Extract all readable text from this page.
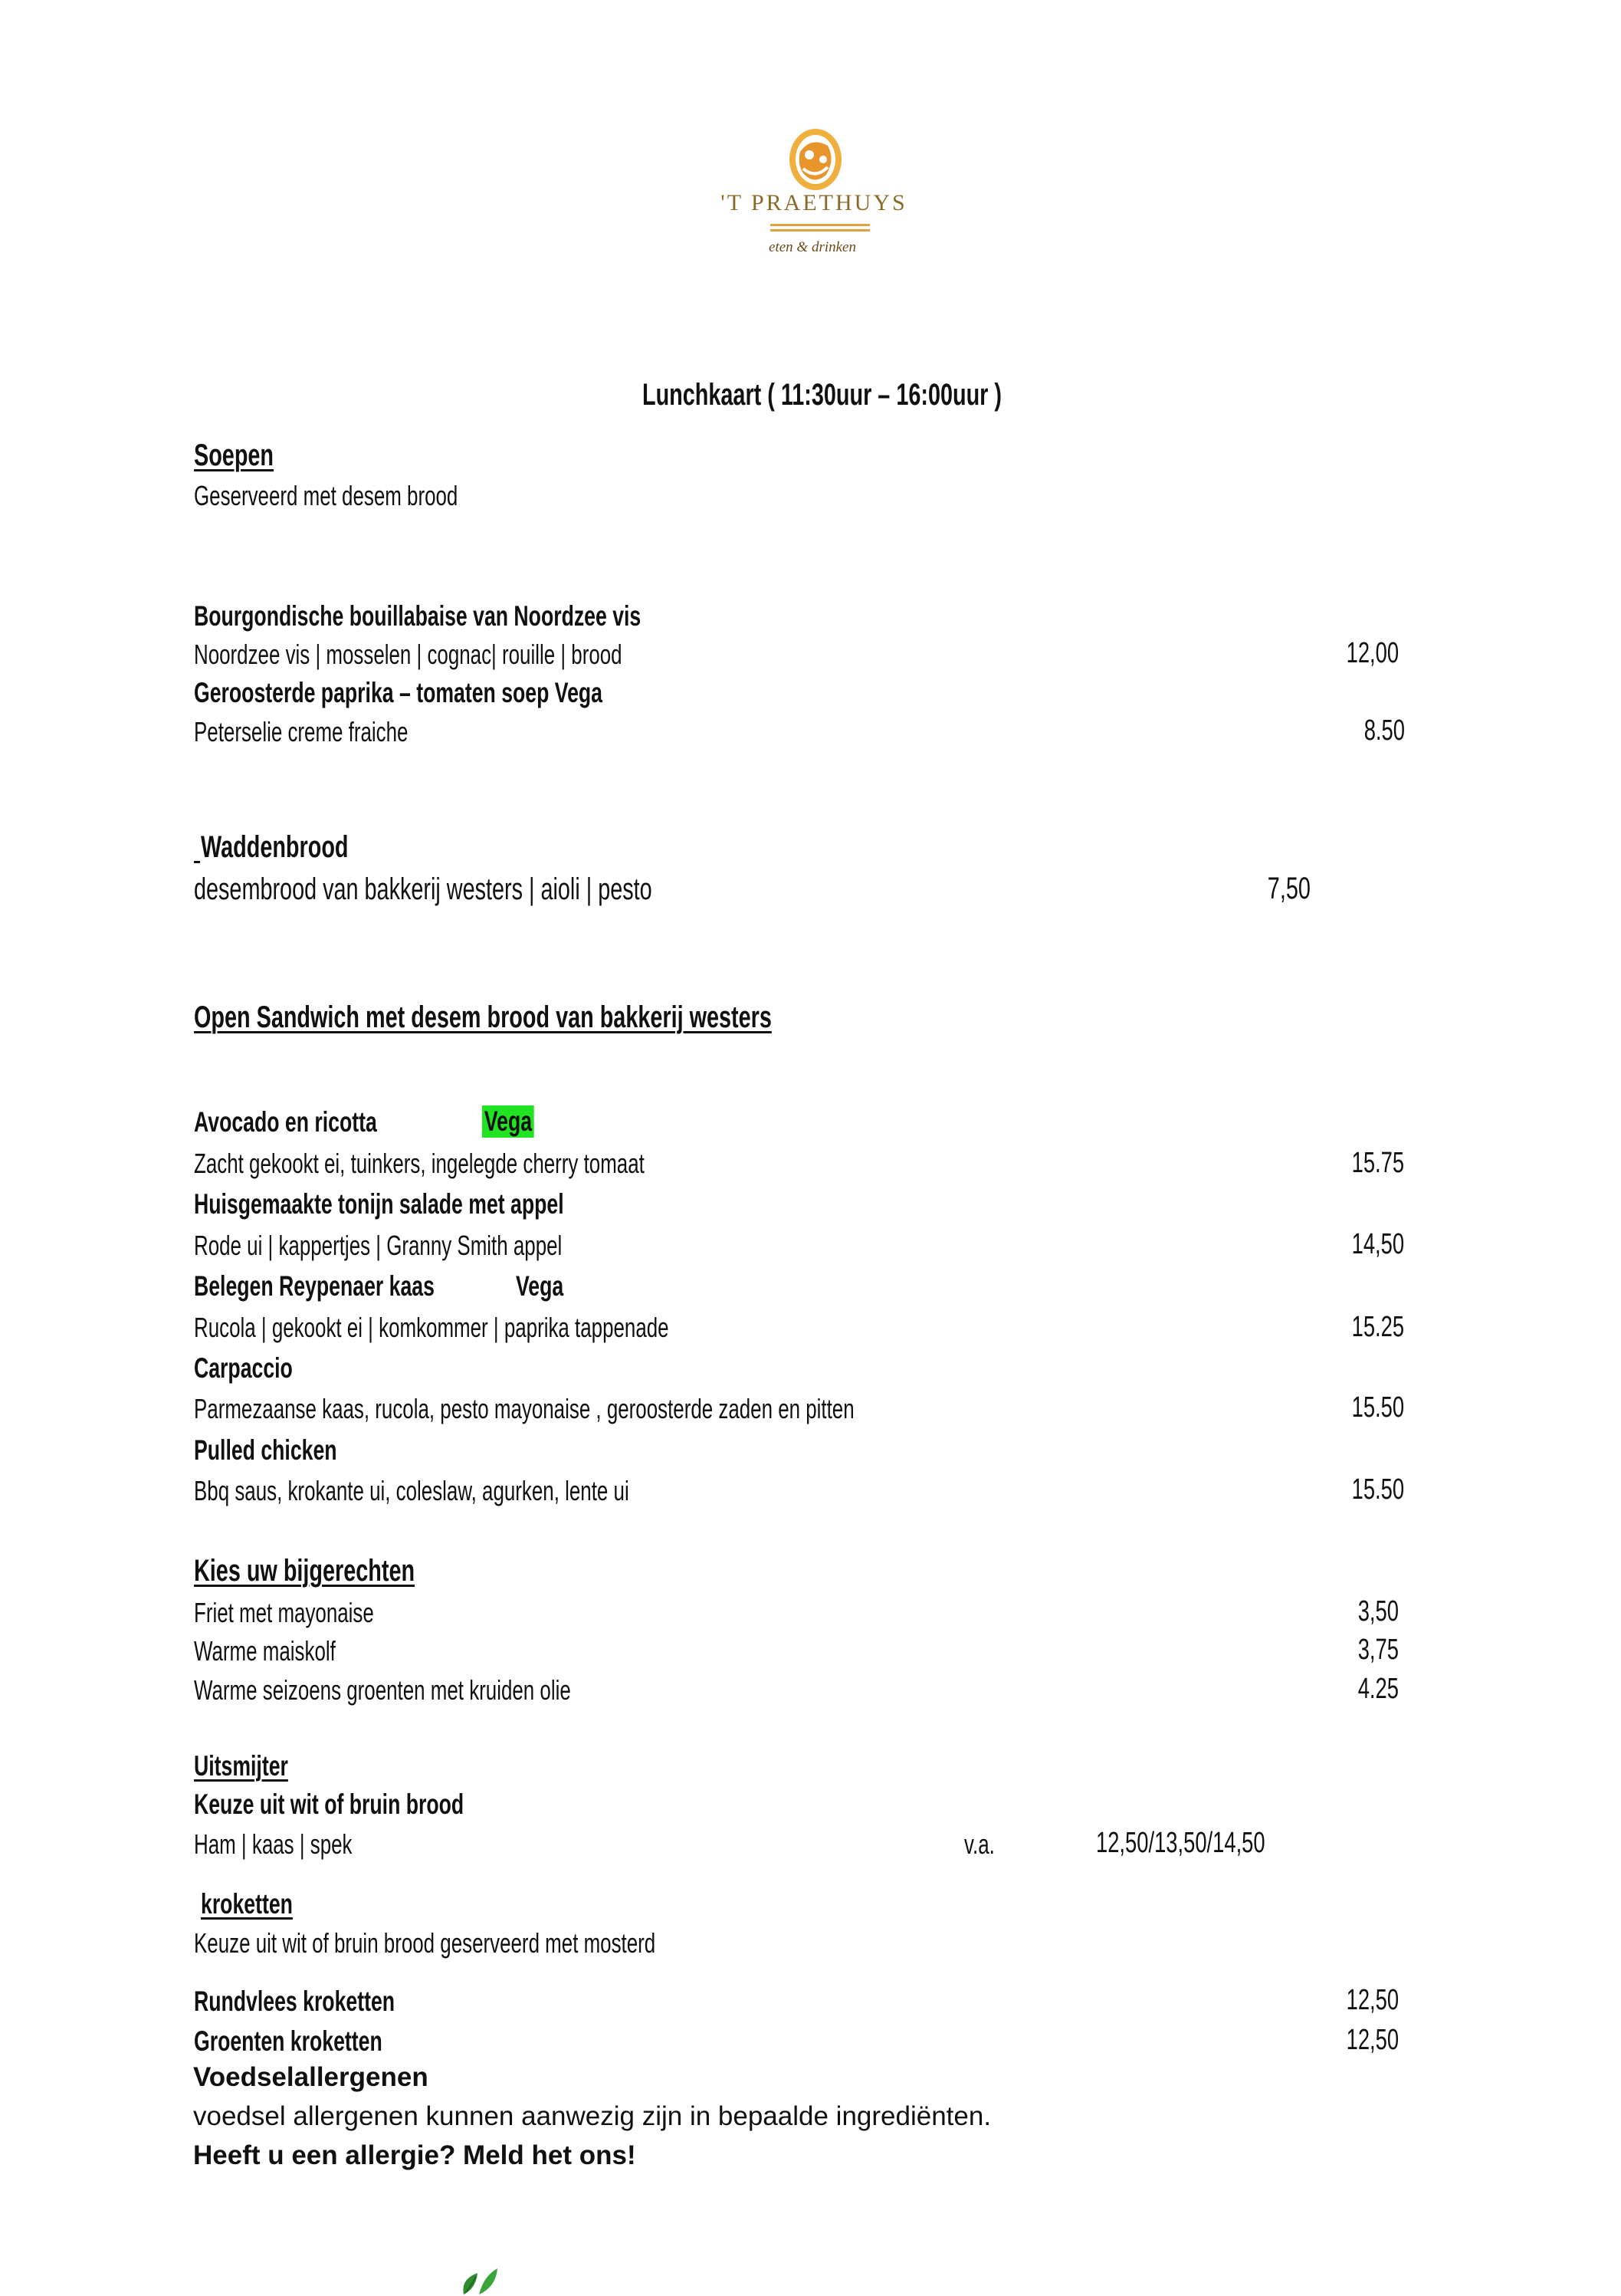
'T PRAETHUYS
eten & drinken
Lunchkaart ( 11:30uur – 16:00uur )
Soepen
Geserveerd met desem brood
Bourgondische bouillabaise van Noordzee vis
Noordzee vis | mosselen | cognac| rouille | brood	12,00
Geroosterde paprika – tomaten soep Vega
Peterselie creme fraiche	8.50
Waddenbrood
desembrood van bakkerij westers | aioli | pesto	7,50
Open Sandwich met desem brood van bakkerij westers
Avocado en ricotta	Vega
Zacht gekookt ei, tuinkers, ingelegde cherry tomaat	15.75
Huisgemaakte tonijn salade met appel
Rode ui | kappertjes | Granny Smith appel	14,50
Belegen Reypenaer kaas	Vega
Rucola | gekookt ei | komkommer | paprika tappenade	15.25
Carpaccio
Parmezaanse kaas, rucola, pesto mayonaise , geroosterde zaden en pitten	15.50
Pulled chicken
Bbq saus, krokante ui, coleslaw, agurken, lente ui	15.50
Kies uw bijgerechten
Friet met mayonaise	3,50
Warme maiskolf	3,75
Warme seizoens groenten met kruiden olie	4.25
Uitsmijter
Keuze uit wit of bruin brood
Ham | kaas | spek	v.a.	12,50/13,50/14,50
kroketten
Keuze uit wit of bruin brood geserveerd met mosterd
Rundvlees kroketten	12,50
Groenten kroketten	12,50
Voedselallergenen
voedsel allergenen kunnen aanwezig zijn in bepaalde ingrediënten.
Heeft u een allergie? Meld het ons!
